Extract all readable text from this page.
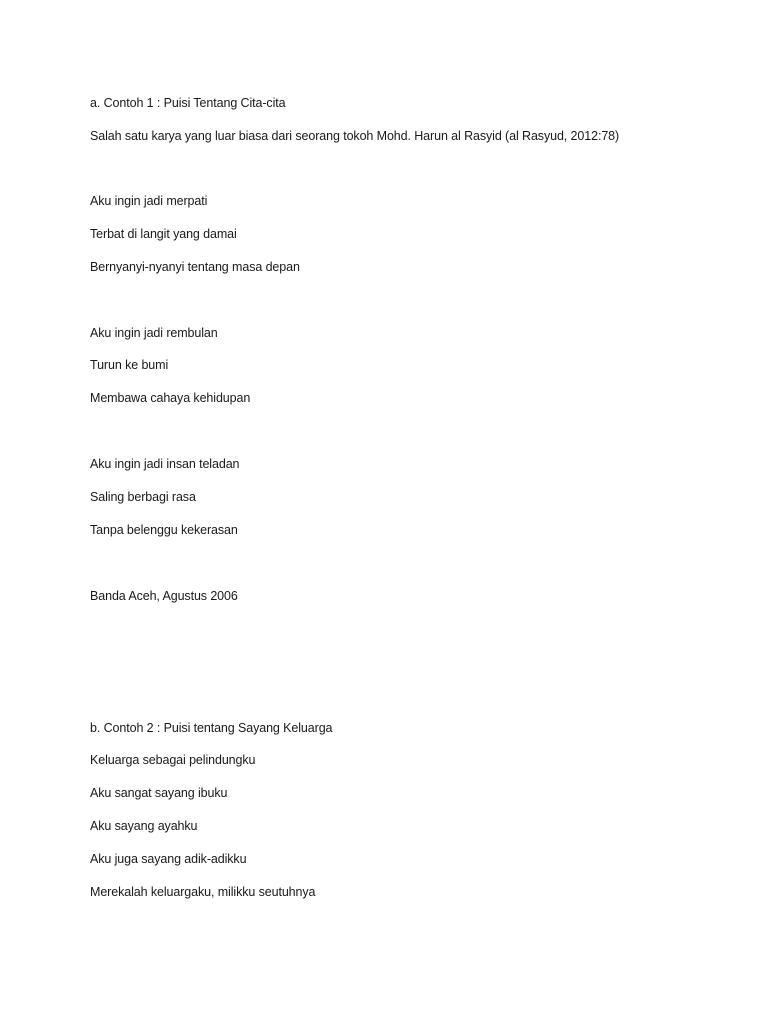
a. Contoh 1 : Puisi Tentang Cita-cita
Salah satu karya yang luar biasa dari seorang tokoh Mohd. Harun al Rasyid (al Rasyud, 2012:78)
Aku ingin jadi merpati
Terbat di langit yang damai
Bernyanyi-nyanyi tentang masa depan
Aku ingin jadi rembulan
Turun ke bumi
Membawa cahaya kehidupan
Aku ingin jadi insan teladan
Saling berbagi rasa
Tanpa belenggu kekerasan
Banda Aceh, Agustus 2006
b. Contoh 2 : Puisi tentang Sayang Keluarga
Keluarga sebagai pelindungku
Aku sangat sayang ibuku
Aku sayang ayahku
Aku juga sayang adik-adikku
Merekalah keluargaku, milikku seutuhnya
